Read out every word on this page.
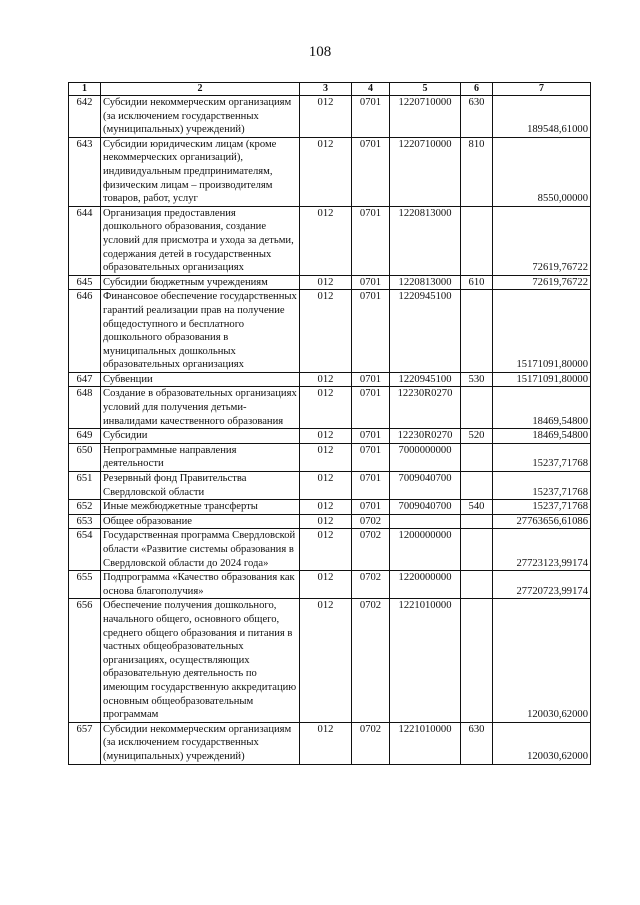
108
1	2	3	4	5	6	7
642	Субсидии некоммерческим организациям (за исключением государственных (муниципальных) учреждений)	012	0701	1220710000	630	189548,61000
643	Субсидии юридическим лицам (кроме некоммерческих организаций), индивидуальным предпринимателям, физическим лицам – производителям товаров, работ, услуг	012	0701	1220710000	810	8550,00000
644	Организация предоставления дошкольного образования, создание условий для присмотра и ухода за детьми, содержания детей в государственных образовательных организациях	012	0701	1220813000		72619,76722
645	Субсидии бюджетным учреждениям	012	0701	1220813000	610	72619,76722
646	Финансовое обеспечение государственных гарантий реализации прав на получение общедоступного и бесплатного дошкольного образования в муниципальных дошкольных образовательных организациях	012	0701	1220945100		15171091,80000
647	Субвенции	012	0701	1220945100	530	15171091,80000
648	Создание в образовательных организациях условий для получения детьми-инвалидами качественного образования	012	0701	12230R0270		18469,54800
649	Субсидии	012	0701	12230R0270	520	18469,54800
650	Непрограммные направления деятельности	012	0701	7000000000		15237,71768
651	Резервный фонд Правительства Свердловской области	012	0701	7009040700		15237,71768
652	Иные межбюджетные трансферты	012	0701	7009040700	540	15237,71768
653	Общее образование	012	0702			27763656,61086
654	Государственная программа Свердловской области «Развитие системы образования в Свердловской области до 2024 года»	012	0702	1200000000		27723123,99174
655	Подпрограмма «Качество образования как основа благополучия»	012	0702	1220000000		27720723,99174
656	Обеспечение получения дошкольного, начального общего, основного общего, среднего общего образования и питания в частных общеобразовательных организациях, осуществляющих образовательную деятельность по имеющим государственную аккредитацию основным общеобразовательным программам	012	0702	1221010000		120030,62000
657	Субсидии некоммерческим организациям (за исключением государственных (муниципальных) учреждений)	012	0702	1221010000	630	120030,62000
